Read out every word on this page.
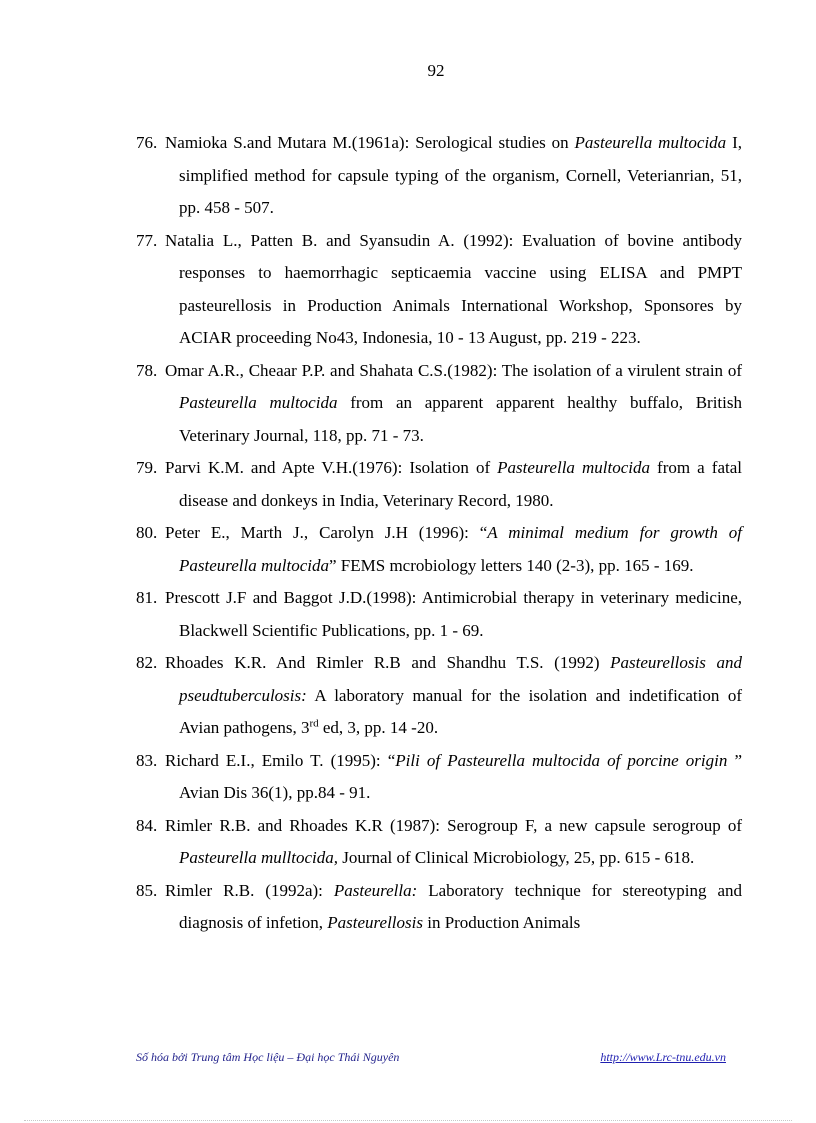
92
76. Namioka S.and Mutara M.(1961a): Serological studies on Pasteurella multocida I, simplified method for capsule typing of the organism, Cornell, Veterianrian, 51, pp. 458 - 507.
77. Natalia L., Patten B. and Syansudin A. (1992): Evaluation of bovine antibody responses to haemorrhagic septicaemia vaccine using ELISA and PMPT pasteurellosis in Production Animals International Workshop, Sponsores by ACIAR proceeding No43, Indonesia, 10 - 13 August, pp. 219 - 223.
78. Omar A.R., Cheaar P.P. and Shahata C.S.(1982): The isolation of a virulent strain of Pasteurella multocida from an apparent apparent healthy buffalo, British Veterinary Journal, 118, pp. 71 - 73.
79. Parvi K.M. and Apte V.H.(1976): Isolation of Pasteurella multocida from a fatal disease and donkeys in India, Veterinary Record, 1980.
80. Peter E., Marth J., Carolyn J.H (1996): “A minimal medium for growth of Pasteurella multocida” FEMS mcrobiology letters 140 (2-3), pp. 165 - 169.
81. Prescott J.F and Baggot J.D.(1998): Antimicrobial therapy in veterinary medicine, Blackwell Scientific Publications, pp. 1 - 69.
82. Rhoades K.R. And Rimler R.B and Shandhu T.S. (1992) Pasteurellosis and pseudtuberculosis: A laboratory manual for the isolation and indetification of Avian pathogens, 3rd ed, 3, pp. 14 -20.
83. Richard E.I., Emilo T. (1995): “Pili of Pasteurella multocida of porcine origin ” Avian Dis 36(1), pp.84 - 91.
84. Rimler R.B. and Rhoades K.R (1987): Serogroup F, a new capsule serogroup of Pasteurella mulltocida, Journal of Clinical Microbiology, 25, pp. 615 - 618.
85. Rimler R.B. (1992a): Pasteurella: Laboratory technique for stereotyping and diagnosis of infetion, Pasteurellosis in Production Animals
Số hóa bởi Trung tâm Học liệu – Đại học Thái Nguyên	http://www.Lrc-tnu.edu.vn
